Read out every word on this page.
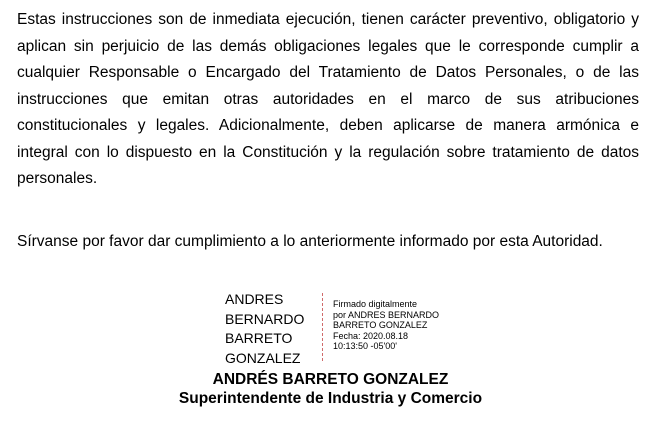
Estas instrucciones son de inmediata ejecución, tienen carácter preventivo, obligatorio y aplican sin perjuicio de las demás obligaciones legales que le corresponde cumplir a cualquier Responsable o Encargado del Tratamiento de Datos Personales, o de las instrucciones que emitan otras autoridades en el marco de sus atribuciones constitucionales y legales. Adicionalmente, deben aplicarse de manera armónica e integral con lo dispuesto en la Constitución y la regulación sobre tratamiento de datos personales.

Sírvanse por favor dar cumplimiento a lo anteriormente informado por esta Autoridad.

ANDRES
BERNARDO
BARRETO
GONZALEZ
Firmado digitalmente
por ANDRES BERNARDO
BARRETO GONZALEZ
Fecha: 2020.08.18
10:13:50 -05'00'
ANDRÉS BARRETO GONZALEZ
Superintendente de Industria y Comercio
